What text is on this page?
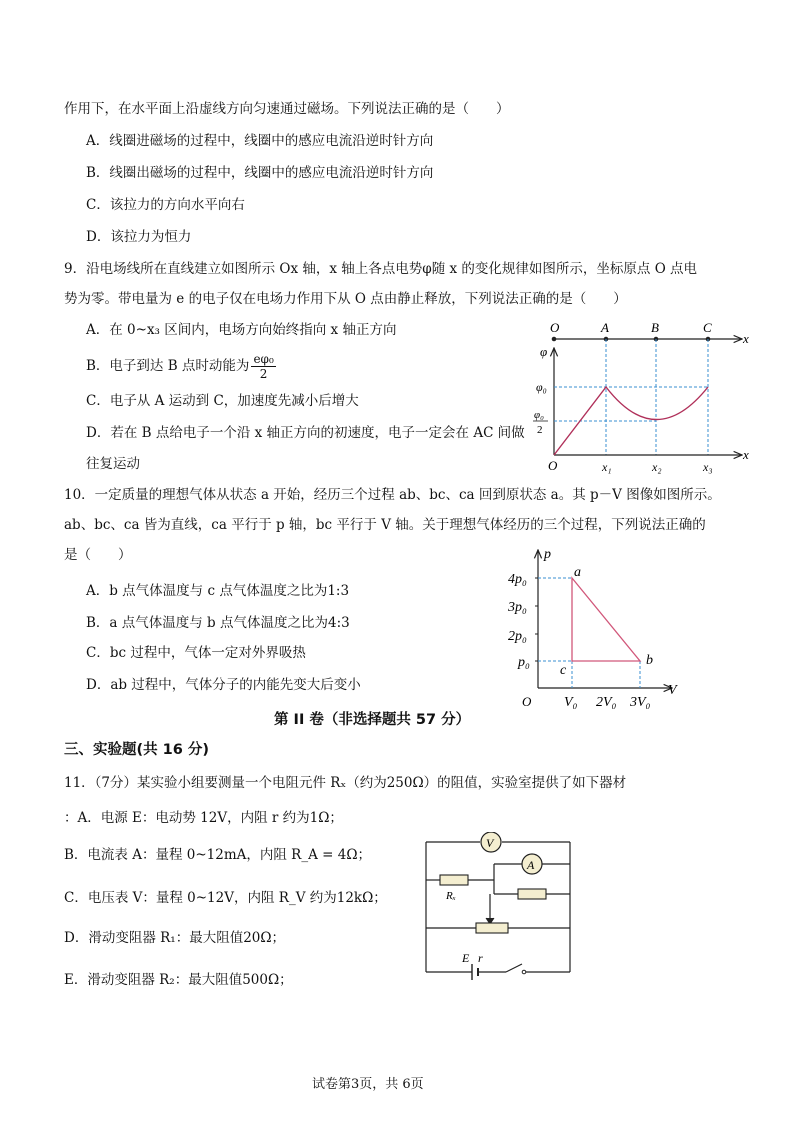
作用下，在水平面上沿虚线方向匀速通过磁场。下列说法正确的是（　　）
A．线圈进磁场的过程中，线圈中的感应电流沿逆时针方向
B．线圈出磁场的过程中，线圈中的感应电流沿逆时针方向
C．该拉力的方向水平向右
D．该拉力为恒力
9．沿电场线所在直线建立如图所示 Ox 轴，x 轴上各点电势φ随 x 的变化规律如图所示，坐标原点 O 点电
势为零。带电量为 e 的电子仅在电场力作用下从 O 点由静止释放，下列说法正确的是（　　）
A．在 0~x₃ 区间内，电场方向始终指向 x 轴正方向
B．电子到达 B 点时动能为 $\frac{\text{eφ₀}}{2}$
C．电子从 A 运动到 C，加速度先减小后增大
D．若在 B 点给电子一个沿 x 轴正方向的初速度，电子一定会在 AC 间做
往复运动
O	A	B	C
x
φ
x
O
φ₀
φ₀
2
x₁	x₂	x₃
10．一定质量的理想气体从状态 a 开始，经历三个过程 ab、bc、ca 回到原状态 a。其 p－V 图像如图所示。
ab、bc、ca 皆为直线，ca 平行于 p 轴，bc 平行于 V 轴。关于理想气体经历的三个过程，下列说法正确的
是（　　）
A．b 点气体温度与 c 点气体温度之比为1:3
B．a 点气体温度与 b 点气体温度之比为4:3
C．bc 过程中，气体一定对外界吸热
D．ab 过程中，气体分子的内能先变大后变小
p
V
O
4p₀
3p₀
2p₀
p₀
V₀ 2V₀ 3V₀
a
b
c
第 II 卷（非选择题共 57 分）
三、实验题(共 16 分)
11．（7分）某实验小组要测量一个电阻元件 Rₓ（约为250Ω）的阻值，实验室提供了如下器材
：A．电源 E：电动势 12V，内阻 r 约为1Ω；
B．电流表 A：量程 0~12mA，内阻 R_A = 4Ω；
C．电压表 V：量程 0~12V，内阻 R_V 约为12kΩ；
D．滑动变阻器 R₁：最大阻值20Ω；
E．滑动变阻器 R₂：最大阻值500Ω；
V
Rₓ
A
E r
试卷第3页，共 6页
